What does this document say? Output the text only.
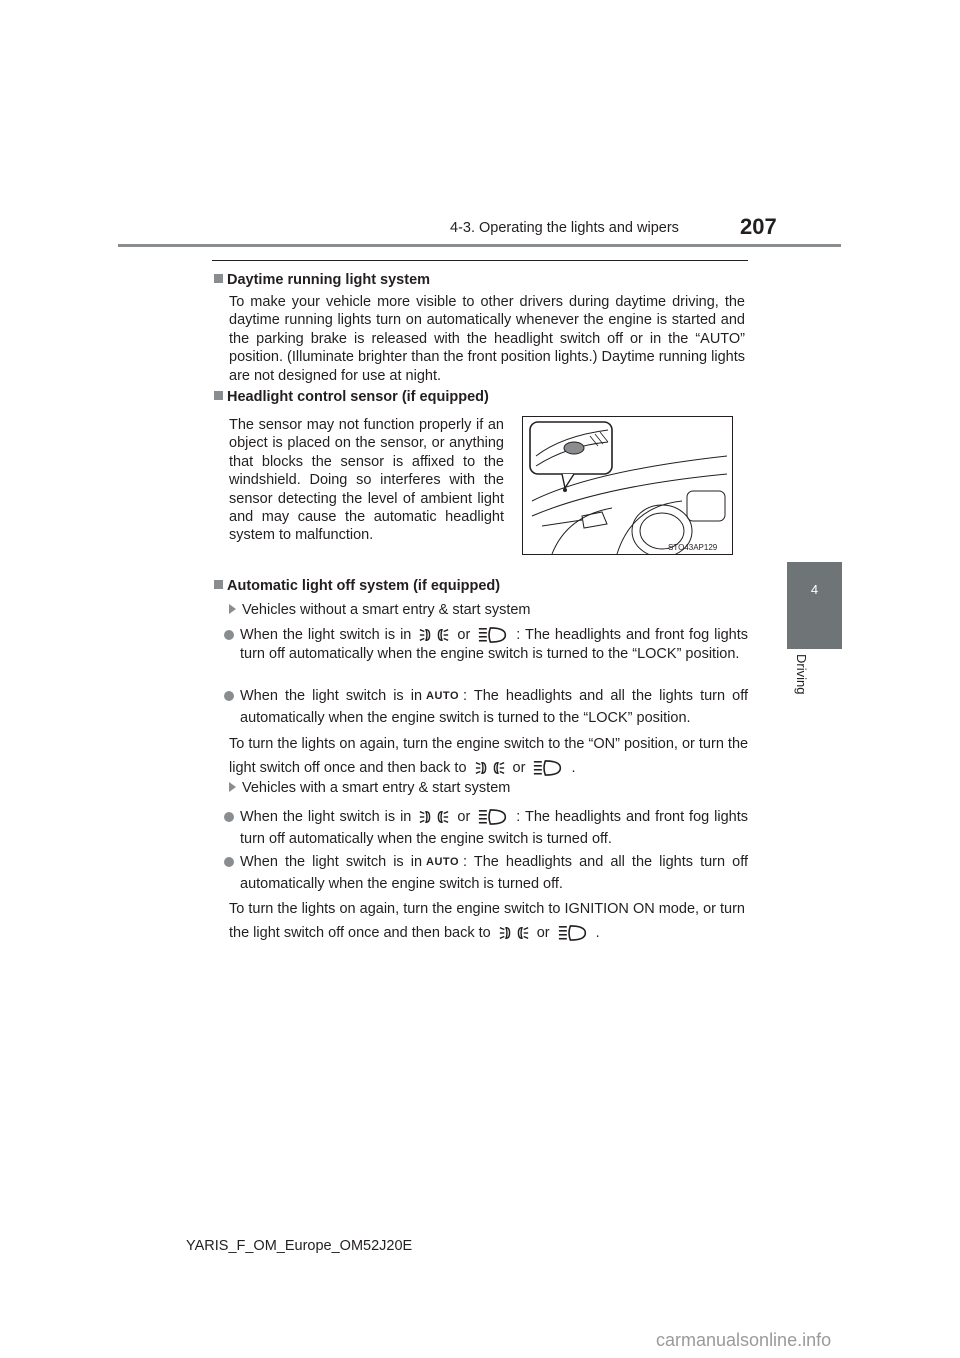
4-3. Operating the lights and wipers	207
4
Driving
Daytime running light system
To make your vehicle more visible to other drivers during daytime driving, the daytime running lights turn on automatically whenever the engine is started and the parking brake is released with the headlight switch off or in the “AUTO” position. (Illuminate brighter than the front position lights.) Daytime running lights are not designed for use at night.
Headlight control sensor (if equipped)
The sensor may not function properly if an object is placed on the sensor, or anything that blocks the sensor is affixed to the windshield. Doing so interferes with the sensor detecting the level of ambient light and may cause the automatic headlight system to malfunction.
STO43AP129
Automatic light off system (if equipped)
Vehicles without a smart entry & start system
When the light switch is in	or	: The headlights and front fog lights turn off automatically when the engine switch is turned to the “LOCK” position.
When the light switch is in AUTO : The headlights and all the lights turn off automatically when the engine switch is turned to the “LOCK” position.
To turn the lights on again, turn the engine switch to the “ON” position, or turn the light switch off once and then back to	or	.
Vehicles with a smart entry & start system
When the light switch is in	or	: The headlights and front fog lights turn off automatically when the engine switch is turned off.
When the light switch is in AUTO : The headlights and all the lights turn off automatically when the engine switch is turned off.
To turn the lights on again, turn the engine switch to IGNITION ON mode, or turn the light switch off once and then back to	or	.
YARIS_F_OM_Europe_OM52J20E
carmanualsonline.info
